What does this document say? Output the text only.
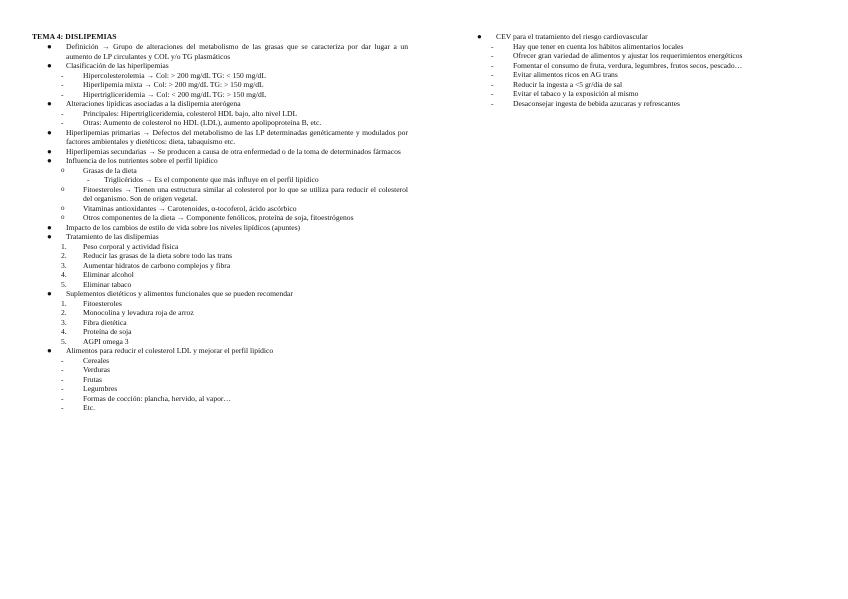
TEMA 4: DISLIPEMIAS
● Definición → Grupo de alteraciones del metabolismo de las grasas que se caracteriza por dar lugar a un aumento de LP circulantes y COL y/o TG plasmáticos
● Clasificación de las hiperlipemias
-	Hipercolesterolemia → Col: > 200 mg/dL TG: < 150 mg/dL
-	Hiperlipemia mixta → Col: > 200 mg/dL TG: > 150 mg/dL
-	Hipertrigliceridemia → Col: < 200 mg/dL TG: > 150 mg/dL
● Alteraciones lipídicas asociadas a la dislipemia aterógena
-	Principales: Hipertrigliceridemia, colesterol HDL bajo, alto nivel LDL
-	Otras: Aumento de colesterol no HDL (LDL), aumento apolipoproteína B, etc.
● Hiperlipemias primarias → Defectos del metabolismo de las LP determinadas genéticamente y modulados por factores ambientales y dietéticos: dieta, tabaquismo etc.
● Hiperlipemias secundarias → Se producen a causa de otra enfermedad o de la toma de determinados fármacos
● Influencia de los nutrientes sobre el perfil lipídico
o Grasas de la dieta
- Triglicéridos → Es el componente que más influye en el perfil lipídico
o Fitoesteroles → Tienen una estructura similar al colesterol por lo que se utiliza para reducir el colesterol del organismo. Son de origen vegetal.
o Vitaminas antioxidantes → Carotenoides, α-tocoferol, ácido ascórbico
o Otros componentes de la dieta → Componente fenólicos, proteína de soja, fitoestrógenos
● Impacto de los cambios de estilo de vida sobre los niveles lipídicos (apuntes)
● Tratamiento de las dislipemias
1. Peso corporal y actividad física
2. Reducir las grasas de la dieta sobre todo las trans
3. Aumentar hidratos de carbono complejos y fibra
4. Eliminar alcohol
5. Eliminar tabaco
● Suplementos dietéticos y alimentos funcionales que se pueden recomendar
1. Fitoesteroles
2. Monocolina y levadura roja de arroz
3. Fibra dietética
4. Proteína de soja
5. AGPI omega 3
● Alimentos para reducir el colesterol LDL y mejorar el perfil lipídico
-	Cereales
-	Verduras
-	Frutas
-	Legumbres
-	Formas de cocción: plancha, hervido, al vapor…
-	Etc.
● CEV para el tratamiento del riesgo cardiovascular
-	Hay que tener en cuenta los hábitos alimentarios locales
-	Ofrecer gran variedad de alimentos y ajustar los requerimientos energéticos
-	Fomentar el consumo de fruta, verdura, legumbres, frutos secos, pescado…
-	Evitar alimentos ricos en AG trans
-	Reducir la ingesta a <5 gr/día de sal
-	Evitar el tabaco y la exposición al mismo
-	Desaconsejar ingesta de bebida azucaras y refrescantes
